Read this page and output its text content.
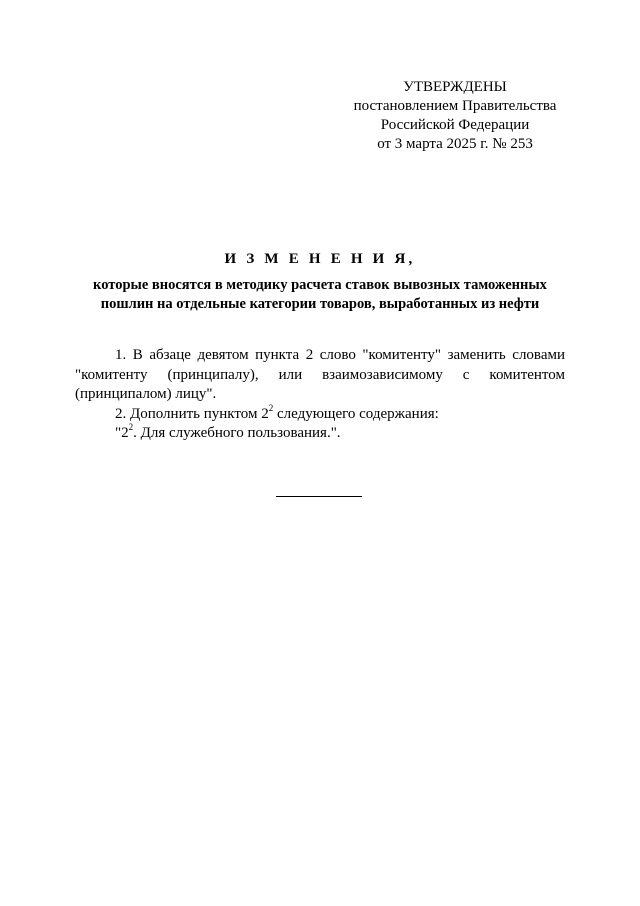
УТВЕРЖДЕНЫ
постановлением Правительства
Российской Федерации
от 3 марта 2025 г. № 253
И З М Е Н Е Н И Я,
которые вносятся в методику расчета ставок вывозных таможенных
пошлин на отдельные категории товаров, выработанных из нефти
1. В абзаце девятом пункта 2 слово "комитенту" заменить словами
"комитенту (принципалу), или взаимозависимому с комитентом
(принципалом) лицу".
2. Дополнить пунктом $2^2$ следующего содержания:
"$2^2$. Для служебного пользования.".
